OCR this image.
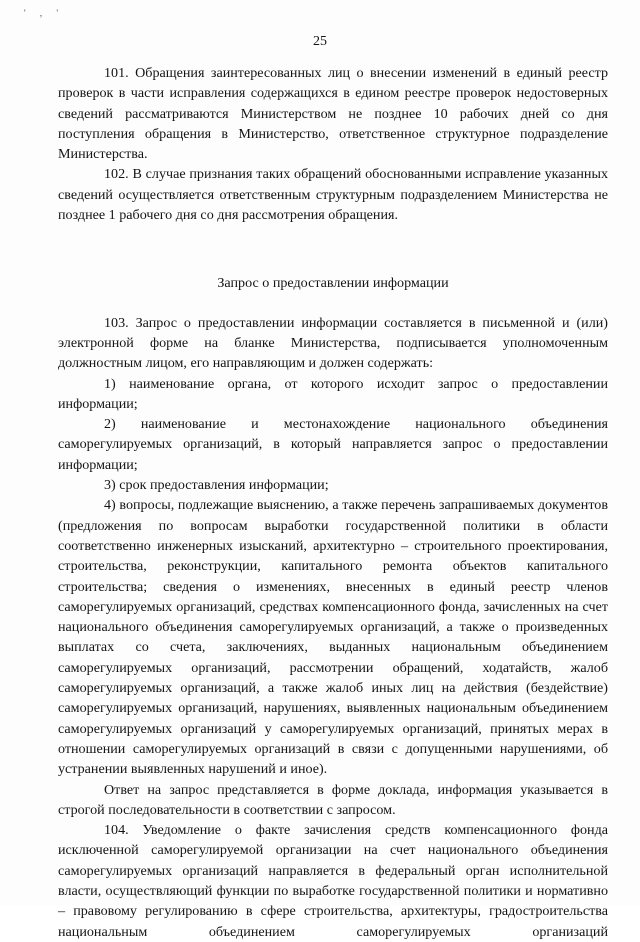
' , '
25

101. Обращения заинтересованных лиц о внесении изменений в единый реестр проверок в части исправления содержащихся в едином реестре проверок недостоверных сведений рассматриваются Министерством не позднее 10 рабочих дней со дня поступления обращения в Министерство, ответственное структурное подразделение Министерства.

102. В случае признания таких обращений обоснованными исправление указанных сведений осуществляется ответственным структурным подразделением Министерства не позднее 1 рабочего дня со дня рассмотрения обращения.

Запрос о предоставлении информации

103. Запрос о предоставлении информации составляется в письменной и (или) электронной форме на бланке Министерства, подписывается уполномоченным должностным лицом, его направляющим и должен содержать:

1) наименование органа, от которого исходит запрос о предоставлении информации;

2) наименование и местонахождение национального объединения саморегулируемых организаций, в который направляется запрос о предоставлении информации;

3) срок предоставления информации;

4) вопросы, подлежащие выяснению, а также перечень запрашиваемых документов (предложения по вопросам выработки государственной политики в области соответственно инженерных изысканий, архитектурно – строительного проектирования, строительства, реконструкции, капитального ремонта объектов капитального строительства; сведения о изменениях, внесенных в единый реестр членов саморегулируемых организаций, средствах компенсационного фонда, зачисленных на счет национального объединения саморегулируемых организаций, а также о произведенных выплатах со счета, заключениях, выданных национальным объединением саморегулируемых организаций, рассмотрении обращений, ходатайств, жалоб саморегулируемых организаций, а также жалоб иных лиц на действия (бездействие) саморегулируемых организаций, нарушениях, выявленных национальным объединением саморегулируемых организаций у саморегулируемых организаций, принятых мерах в отношении саморегулируемых организаций в связи с допущенными нарушениями, об устранении выявленных нарушений и иное).

Ответ на запрос представляется в форме доклада, информация указывается в строгой последовательности в соответствии с запросом.

104. Уведомление о факте зачисления средств компенсационного фонда исключенной саморегулируемой организации на счет национального объединения саморегулируемых организаций направляется в федеральный орган исполнительной власти, осуществляющий функции по выработке государственной политики и нормативно – правовому регулированию в сфере строительства, архитектуры, градостроительства национальным объединением саморегулируемых организаций
